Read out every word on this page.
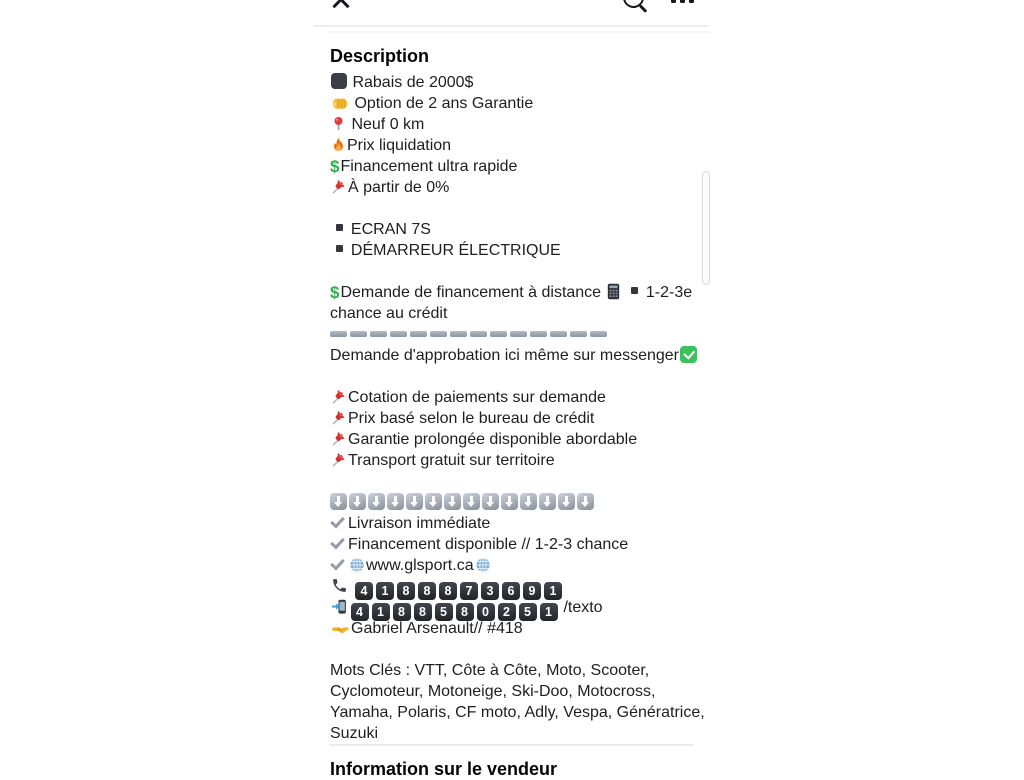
Description
Rabais de 2000$
Option de 2 ans Garantie
Neuf 0 km
Prix liquidation
$Financement ultra rapide
À partir de 0%

ECRAN 7S
DÉMARREUR ÉLECTRIQUE

$Demande de financement à distance
1-2-3e
chance au crédit
Demande d'approbation ici même sur messenger

Cotation de paiements sur demande
Prix basé selon le bureau de crédit
Garantie prolongée disponible abordable
Transport gratuit sur territoire

Livraison immédiate
Financement disponible // 1-2-3 chance
www.glsport.ca
4 1 8 8 8 7 3 6 9 1
4 1 8 8 5 8 0 2 5 1 /texto
Gabriel Arsenault// #418

Mots Clés : VTT, Côte à Côte, Moto, Scooter,
Cyclomoteur, Motoneige, Ski-Doo, Motocross,
Yamaha, Polaris, CF moto, Adly, Vespa, Génératrice,
Suzuki
Information sur le vendeur
